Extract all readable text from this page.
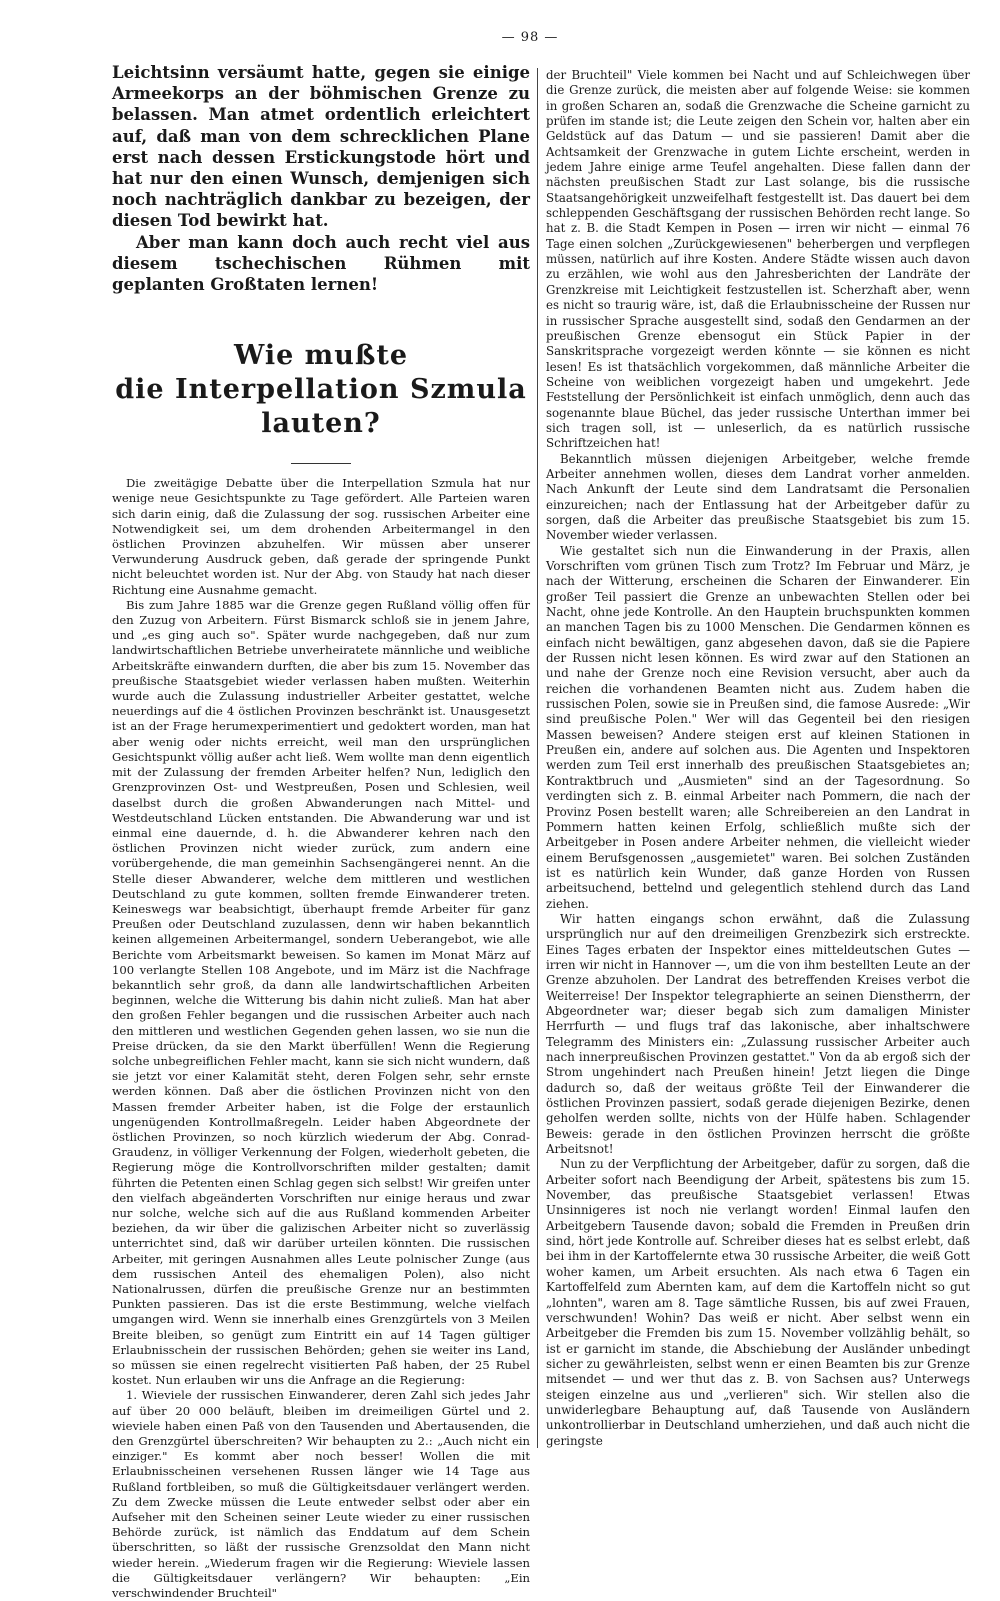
— 98 —

Leichtsinn versäumt hatte, gegen sie einige Armeekorps an der böhmischen Grenze zu belassen. Man atmet ordentlich erleichtert auf, daß man von dem schrecklichen Plane erst nach dessen Erstickungstode hört und hat nur den einen Wunsch, demjenigen sich noch nachträglich dankbar zu bezeigen, der diesen Tod bewirkt hat.

Aber man kann doch auch recht viel aus diesem tschechischen Rühmen mit geplanten Großtaten lernen!

Wie mußte
die Interpellation Szmula lauten?

Die zweitägige Debatte über die Interpellation Szmula hat nur wenige neue Gesichtspunkte zu Tage gefördert. Alle Parteien waren sich darin einig, daß die Zulassung der sog. russischen Arbeiter eine Notwendigkeit sei, um dem drohenden Arbeitermangel in den östlichen Provinzen abzuhelfen. Wir müssen aber unserer Verwunderung Ausdruck geben, daß gerade der springende Punkt nicht beleuchtet worden ist. Nur der Abg. von Staudy hat nach dieser Richtung eine Ausnahme gemacht.

Bis zum Jahre 1885 war die Grenze gegen Rußland völlig offen für den Zuzug von Arbeitern. Fürst Bismarck schloß sie in jenem Jahre, und „es ging auch so". Später wurde nachgegeben, daß nur zum landwirtschaftlichen Betriebe unverheiratete männliche und weibliche Arbeitskräfte einwandern durften, die aber bis zum 15. November das preußische Staatsgebiet wieder verlassen haben mußten. Weiterhin wurde auch die Zulassung industrieller Arbeiter gestattet, welche neuerdings auf die 4 östlichen Provinzen beschränkt ist. Unausgesetzt ist an der Frage herumexperimentiert und gedoktert worden, man hat aber wenig oder nichts erreicht, weil man den ursprünglichen Gesichtspunkt völlig außer acht ließ. Wem wollte man denn eigentlich mit der Zulassung der fremden Arbeiter helfen? Nun, lediglich den Grenzprovinzen Ost- und Westpreußen, Posen und Schlesien, weil daselbst durch die großen Abwanderungen nach Mittel- und Westdeutschland Lücken entstanden. Die Abwanderung war und ist einmal eine dauernde, d. h. die Abwanderer kehren nach den östlichen Provinzen nicht wieder zurück, zum andern eine vorübergehende, die man gemeinhin Sachsengängerei nennt. An die Stelle dieser Abwanderer, welche dem mittleren und westlichen Deutschland zu gute kommen, sollten fremde Einwanderer treten. Keineswegs war beabsichtigt, überhaupt fremde Arbeiter für ganz Preußen oder Deutschland zuzulassen, denn wir haben bekanntlich keinen allgemeinen Arbeitermangel, sondern Ueberangebot, wie alle Berichte vom Arbeitsmarkt beweisen. So kamen im Monat März auf 100 verlangte Stellen 108 Angebote, und im März ist die Nachfrage bekanntlich sehr groß, da dann alle landwirtschaftlichen Arbeiten beginnen, welche die Witterung bis dahin nicht zuließ. Man hat aber den großen Fehler begangen und die russischen Arbeiter auch nach den mittleren und westlichen Gegenden gehen lassen, wo sie nun die Preise drücken, da sie den Markt überfüllen! Wenn die Regierung solche unbegreiflichen Fehler macht, kann sie sich nicht wundern, daß sie jetzt vor einer Kalamität steht, deren Folgen sehr, sehr ernste werden können. Daß aber die östlichen Provinzen nicht von den Massen fremder Arbeiter haben, ist die Folge der erstaunlich ungenügenden Kontrollmaßregeln. Leider haben Abgeordnete der östlichen Provinzen, so noch kürzlich wiederum der Abg. Conrad-Graudenz, in völliger Verkennung der Folgen, wiederholt gebeten, die Regierung möge die Kontrollvorschriften milder gestalten; damit führten die Petenten einen Schlag gegen sich selbst! Wir greifen unter den vielfach abgeänderten Vorschriften nur einige heraus und zwar nur solche, welche sich auf die aus Rußland kommenden Arbeiter beziehen, da wir über die galizischen Arbeiter nicht so zuverlässig unterrichtet sind, daß wir darüber urteilen könnten. Die russischen Arbeiter, mit geringen Ausnahmen alles Leute polnischer Zunge (aus dem russischen Anteil des ehemaligen Polen), also nicht Nationalrussen, dürfen die preußische Grenze nur an bestimmten Punkten passieren. Das ist die erste Bestimmung, welche vielfach umgangen wird. Wenn sie innerhalb eines Grenzgürtels von 3 Meilen Breite bleiben, so genügt zum Eintritt ein auf 14 Tagen gültiger Erlaubnisschein der russischen Behörden; gehen sie weiter ins Land, so müssen sie einen regelrecht visitierten Paß haben, der 25 Rubel kostet. Nun erlauben wir uns die Anfrage an die Regierung:

1. Wieviele der russischen Einwanderer, deren Zahl sich jedes Jahr auf über 20 000 beläuft, bleiben im dreimeiligen Gürtel und 2. wieviele haben einen Paß von den Tausenden und Abertausenden, die den Grenzgürtel überschreiten? Wir behaupten zu 2.: „Auch nicht ein einziger." Es kommt aber noch besser! Wollen die mit Erlaubnisscheinen versehenen Russen länger wie 14 Tage aus Rußland fortbleiben, so muß die Gültigkeitsdauer verlängert werden. Zu dem Zwecke müssen die Leute entweder selbst oder aber ein Aufseher mit den Scheinen seiner Leute wieder zu einer russischen Behörde zurück, ist nämlich das Enddatum auf dem Schein überschritten, so läßt der russische Grenzsoldat den Mann nicht wieder herein. „Wiederum fragen wir die Regierung: Wieviele lassen die Gültigkeitsdauer verlängern? Wir behaupten: „Ein verschwindender Bruchteil"

der Bruchteil" Viele kommen bei Nacht und auf Schleichwegen über die Grenze zurück, die meisten aber auf folgende Weise: sie kommen in großen Scharen an, sodaß die Grenzwache die Scheine garnicht zu prüfen im stande ist; die Leute zeigen den Schein vor, halten aber ein Geldstück auf das Datum — und sie passieren! Damit aber die Achtsamkeit der Grenzwache in gutem Lichte erscheint, werden in jedem Jahre einige arme Teufel angehalten. Diese fallen dann der nächsten preußischen Stadt zur Last solange, bis die russische Staatsangehörigkeit unzweifelhaft festgestellt ist. Das dauert bei dem schleppenden Geschäftsgang der russischen Behörden recht lange. So hat z. B. die Stadt Kempen in Posen — irren wir nicht — einmal 76 Tage einen solchen „Zurückgewiesenen" beherbergen und verpflegen müssen, natürlich auf ihre Kosten. Andere Städte wissen auch davon zu erzählen, wie wohl aus den Jahresberichten der Landräte der Grenzkreise mit Leichtigkeit festzustellen ist. Scherzhaft aber, wenn es nicht so traurig wäre, ist, daß die Erlaubnisscheine der Russen nur in russischer Sprache ausgestellt sind, sodaß den Gendarmen an der preußischen Grenze ebensogut ein Stück Papier in der Sanskritsprache vorgezeigt werden könnte — sie können es nicht lesen! Es ist thatsächlich vorgekommen, daß männliche Arbeiter die Scheine von weiblichen vorgezeigt haben und umgekehrt. Jede Feststellung der Persönlichkeit ist einfach unmöglich, denn auch das sogenannte blaue Büchel, das jeder russische Unterthan immer bei sich tragen soll, ist — unleserlich, da es natürlich russische Schriftzeichen hat!

Bekanntlich müssen diejenigen Arbeitgeber, welche fremde Arbeiter annehmen wollen, dieses dem Landrat vorher anmelden. Nach Ankunft der Leute sind dem Landratsamt die Personalien einzureichen; nach der Entlassung hat der Arbeitgeber dafür zu sorgen, daß die Arbeiter das preußische Staatsgebiet bis zum 15. November wieder verlassen.

Wie gestaltet sich nun die Einwanderung in der Praxis, allen Vorschriften vom grünen Tisch zum Trotz? Im Februar und März, je nach der Witterung, erscheinen die Scharen der Einwanderer. Ein großer Teil passiert die Grenze an unbewachten Stellen oder bei Nacht, ohne jede Kontrolle. An den Hauptein bruchspunkten kommen an manchen Tagen bis zu 1000 Menschen. Die Gendarmen können es einfach nicht bewältigen, ganz abgesehen davon, daß sie die Papiere der Russen nicht lesen können. Es wird zwar auf den Stationen an und nahe der Grenze noch eine Revision versucht, aber auch da reichen die vorhandenen Beamten nicht aus. Zudem haben die russischen Polen, sowie sie in Preußen sind, die famose Ausrede: „Wir sind preußische Polen." Wer will das Gegenteil bei den riesigen Massen beweisen? Andere steigen erst auf kleinen Stationen in Preußen ein, andere auf solchen aus. Die Agenten und Inspektoren werden zum Teil erst innerhalb des preußischen Staatsgebietes an; Kontraktbruch und „Ausmieten" sind an der Tagesordnung. So verdingten sich z. B. einmal Arbeiter nach Pommern, die nach der Provinz Posen bestellt waren; alle Schreibereien an den Landrat in Pommern hatten keinen Erfolg, schließlich mußte sich der Arbeitgeber in Posen andere Arbeiter nehmen, die vielleicht wieder einem Berufsgenossen „ausgemietet" waren. Bei solchen Zuständen ist es natürlich kein Wunder, daß ganze Horden von Russen arbeitsuchend, bettelnd und gelegentlich stehlend durch das Land ziehen.

Wir hatten eingangs schon erwähnt, daß die Zulassung ursprünglich nur auf den dreimeiligen Grenzbezirk sich erstreckte. Eines Tages erbaten der Inspektor eines mitteldeutschen Gutes — irren wir nicht in Hannover —, um die von ihm bestellten Leute an der Grenze abzuholen. Der Landrat des betreffenden Kreises verbot die Weiterreise! Der Inspektor telegraphierte an seinen Dienstherrn, der Abgeordneter war; dieser begab sich zum damaligen Minister Herrfurth — und flugs traf das lakonische, aber inhaltschwere Telegramm des Ministers ein: „Zulassung russischer Arbeiter auch nach innerpreußischen Provinzen gestattet." Von da ab ergoß sich der Strom ungehindert nach Preußen hinein! Jetzt liegen die Dinge dadurch so, daß der weitaus größte Teil der Einwanderer die östlichen Provinzen passiert, sodaß gerade diejenigen Bezirke, denen geholfen werden sollte, nichts von der Hülfe haben. Schlagender Beweis: gerade in den östlichen Provinzen herrscht die größte Arbeitsnot!

Nun zu der Verpflichtung der Arbeitgeber, dafür zu sorgen, daß die Arbeiter sofort nach Beendigung der Arbeit, spätestens bis zum 15. November, das preußische Staatsgebiet verlassen! Etwas Unsinnigeres ist noch nie verlangt worden! Einmal laufen den Arbeitgebern Tausende davon; sobald die Fremden in Preußen drin sind, hört jede Kontrolle auf. Schreiber dieses hat es selbst erlebt, daß bei ihm in der Kartoffelernte etwa 30 russische Arbeiter, die weiß Gott woher kamen, um Arbeit ersuchten. Als nach etwa 6 Tagen ein Kartoffelfeld zum Abernten kam, auf dem die Kartoffeln nicht so gut „lohnten", waren am 8. Tage sämtliche Russen, bis auf zwei Frauen, verschwunden! Wohin? Das weiß er nicht. Aber selbst wenn ein Arbeitgeber die Fremden bis zum 15. November vollzählig behält, so ist er garnicht im stande, die Abschiebung der Ausländer unbedingt sicher zu gewährleisten, selbst wenn er einen Beamten bis zur Grenze mitsendet — und wer thut das z. B. von Sachsen aus? Unterwegs steigen einzelne aus und „verlieren" sich. Wir stellen also die unwiderlegbare Behauptung auf, daß Tausende von Ausländern unkontrollierbar in Deutschland umherziehen, und daß auch nicht die geringste
